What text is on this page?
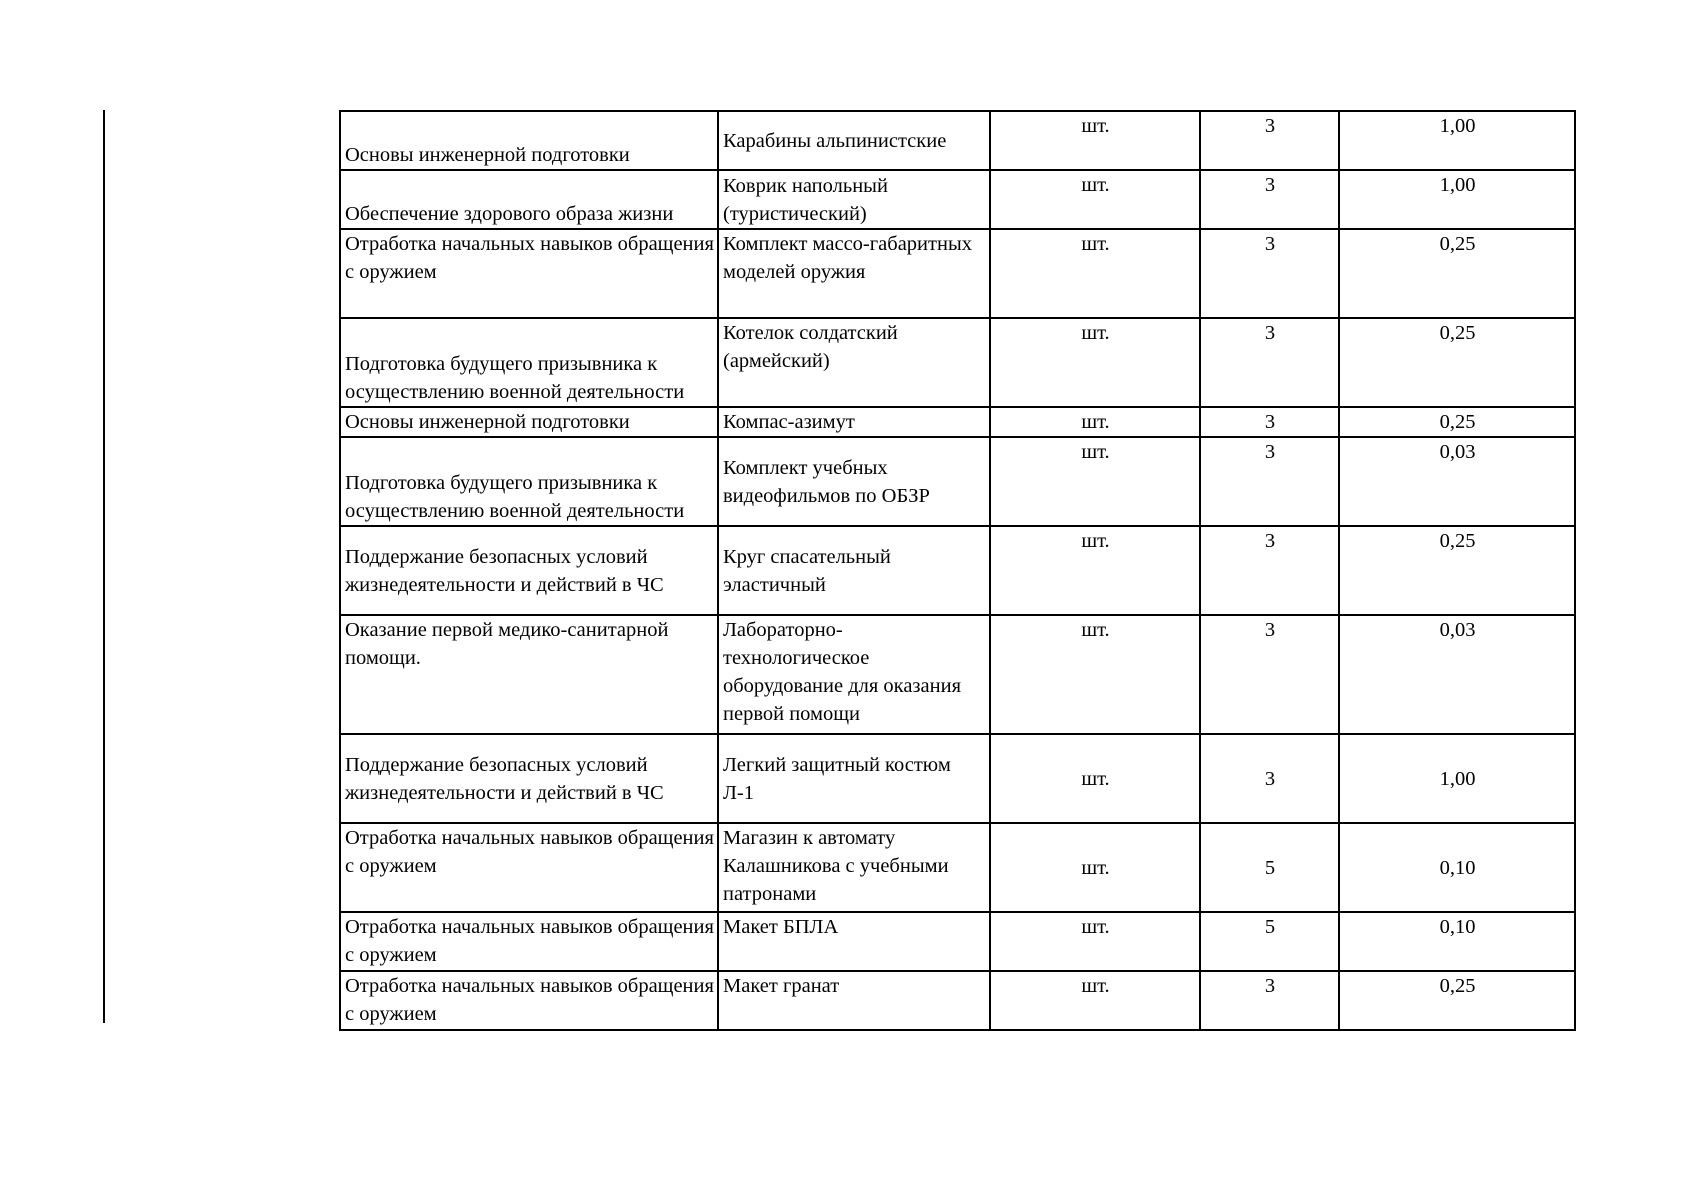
Основы инженерной подготовки	Карабины альпинистские	шт.	3	1,00
Обеспечение здорового образа жизни	Коврик напольный (туристический)	шт.	3	1,00
Отработка начальных навыков обращения с оружием	Комплект массо-габаритных моделей оружия	шт.	3	0,25
Подготовка будущего призывника к осуществлению военной деятельности	Котелок солдатский (армейский)	шт.	3	0,25
Основы инженерной подготовки	Компас-азимут	шт.	3	0,25
Подготовка будущего призывника к осуществлению военной деятельности	Комплект учебных видеофильмов по ОБЗР	шт.	3	0,03
Поддержание безопасных условий жизнедеятельности и действий в ЧС	Круг спасательный эластичный	шт.	3	0,25
Оказание первой медико-санитарной помощи.	Лабораторно-технологическое оборудование для оказания первой помощи	шт.	3	0,03
Поддержание безопасных условий жизнедеятельности и действий в ЧС	Легкий защитный костюм Л-1	шт.	3	1,00
Отработка начальных навыков обращения с оружием	Магазин к автомату Калашникова с учебными патронами	шт.	5	0,10
Отработка начальных навыков обращения с оружием	Макет БПЛА	шт.	5	0,10
Отработка начальных навыков обращения с оружием	Макет гранат	шт.	3	0,25
